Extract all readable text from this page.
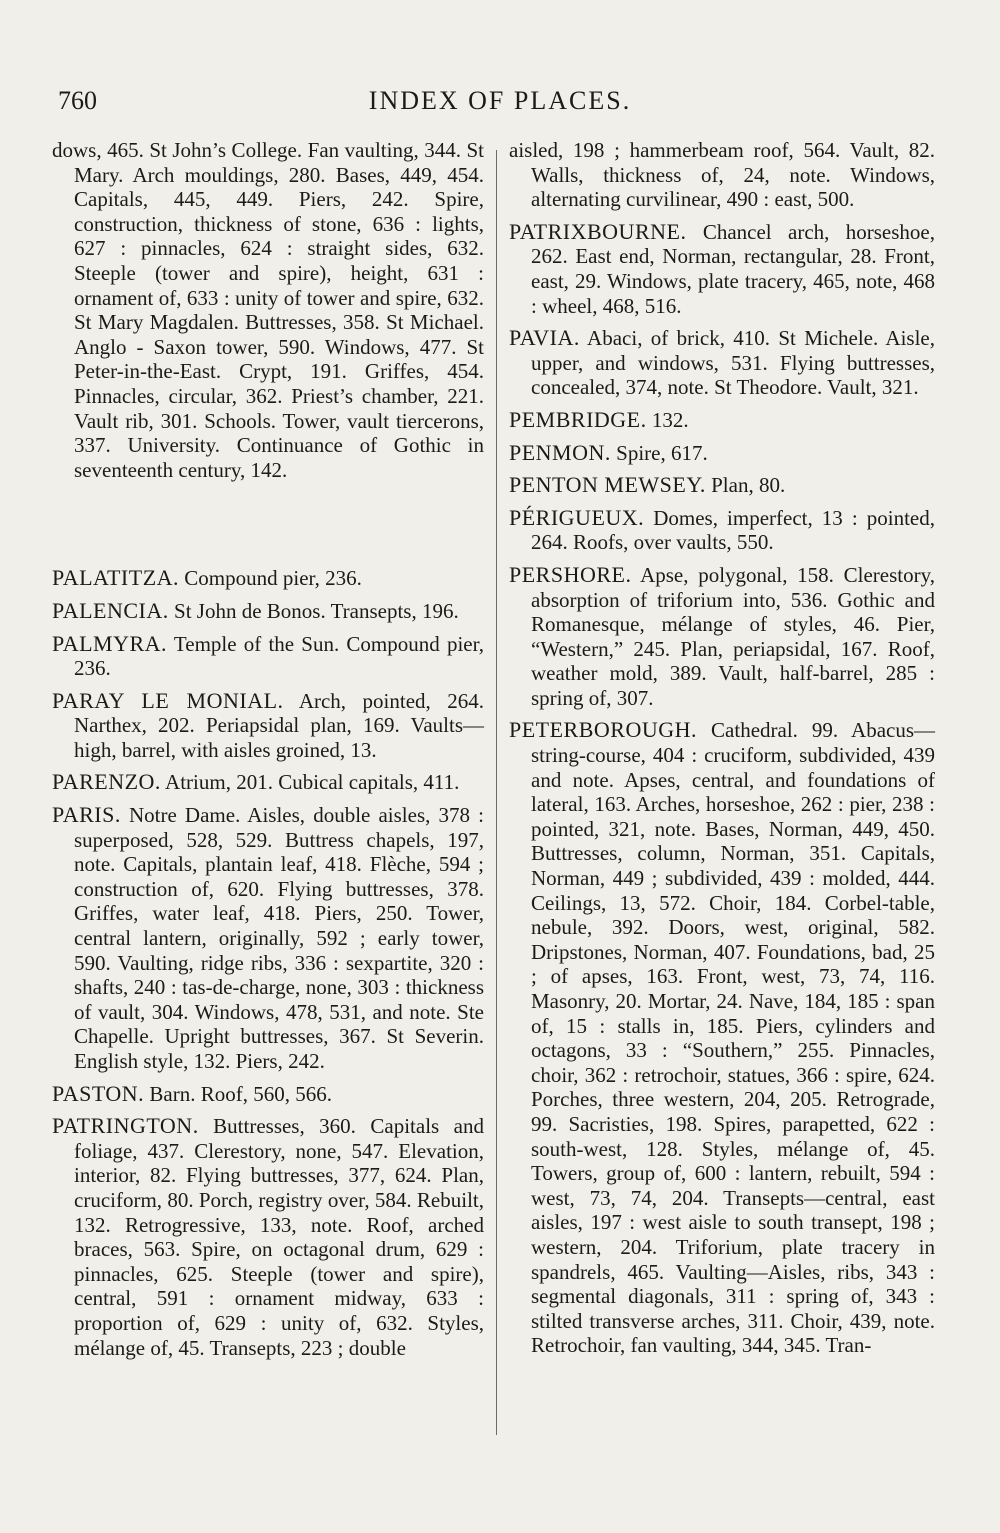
760	INDEX OF PLACES.

dows, 465. St John’s College. Fan vaulting, 344. St Mary. Arch mouldings, 280. Bases, 449, 454. Capitals, 445, 449. Piers, 242. Spire, construction, thickness of stone, 636 : lights, 627 : pinnacles, 624 : straight sides, 632. Steeple (tower and spire), height, 631 : ornament of, 633 : unity of tower and spire, 632. St Mary Magdalen. Buttresses, 358. St Michael. Anglo - Saxon tower, 590. Windows, 477. St Peter-in-the-East. Crypt, 191. Griffes, 454. Pinnacles, circular, 362. Priest’s chamber, 221. Vault rib, 301. Schools. Tower, vault tiercerons, 337. University. Continuance of Gothic in seventeenth century, 142.

PALATITZA. Compound pier, 236.

PALENCIA. St John de Bonos. Transepts, 196.

PALMYRA. Temple of the Sun. Compound pier, 236.

PARAY LE MONIAL. Arch, pointed, 264. Narthex, 202. Periapsidal plan, 169. Vaults—high, barrel, with aisles groined, 13.

PARENZO. Atrium, 201. Cubical capitals, 411.

PARIS. Notre Dame. Aisles, double aisles, 378 : superposed, 528, 529. Buttress chapels, 197, note. Capitals, plantain leaf, 418. Flèche, 594 ; construction of, 620. Flying buttresses, 378. Griffes, water leaf, 418. Piers, 250. Tower, central lantern, originally, 592 ; early tower, 590. Vaulting, ridge ribs, 336 : sexpartite, 320 : shafts, 240 : tas-de-charge, none, 303 : thickness of vault, 304. Windows, 478, 531, and note. Ste Chapelle. Upright buttresses, 367. St Severin. English style, 132. Piers, 242.

PASTON. Barn. Roof, 560, 566.

PATRINGTON. Buttresses, 360. Capitals and foliage, 437. Clerestory, none, 547. Elevation, interior, 82. Flying buttresses, 377, 624. Plan, cruciform, 80. Porch, registry over, 584. Rebuilt, 132. Retrogressive, 133, note. Roof, arched braces, 563. Spire, on octagonal drum, 629 : pinnacles, 625. Steeple (tower and spire), central, 591 : ornament midway, 633 : proportion of, 629 : unity of, 632. Styles, mélange of, 45. Transepts, 223 ; double

aisled, 198 ; hammerbeam roof, 564. Vault, 82. Walls, thickness of, 24, note. Windows, alternating curvilinear, 490 : east, 500.

PATRIXBOURNE. Chancel arch, horseshoe, 262. East end, Norman, rectangular, 28. Front, east, 29. Windows, plate tracery, 465, note, 468 : wheel, 468, 516.

PAVIA. Abaci, of brick, 410. St Michele. Aisle, upper, and windows, 531. Flying buttresses, concealed, 374, note. St Theodore. Vault, 321.

PEMBRIDGE. 132.

PENMON. Spire, 617.

PENTON MEWSEY. Plan, 80.

PÉRIGUEUX. Domes, imperfect, 13 : pointed, 264. Roofs, over vaults, 550.

PERSHORE. Apse, polygonal, 158. Clerestory, absorption of triforium into, 536. Gothic and Romanesque, mélange of styles, 46. Pier, “Western,” 245. Plan, periapsidal, 167. Roof, weather mold, 389. Vault, half-barrel, 285 : spring of, 307.

PETERBOROUGH. Cathedral. 99. Abacus—string-course, 404 : cruciform, subdivided, 439 and note. Apses, central, and foundations of lateral, 163. Arches, horseshoe, 262 : pier, 238 : pointed, 321, note. Bases, Norman, 449, 450. Buttresses, column, Norman, 351. Capitals, Norman, 449 ; subdivided, 439 : molded, 444. Ceilings, 13, 572. Choir, 184. Corbel-table, nebule, 392. Doors, west, original, 582. Dripstones, Norman, 407. Foundations, bad, 25 ; of apses, 163. Front, west, 73, 74, 116. Masonry, 20. Mortar, 24. Nave, 184, 185 : span of, 15 : stalls in, 185. Piers, cylinders and octagons, 33 : “Southern,” 255. Pinnacles, choir, 362 : retrochoir, statues, 366 : spire, 624. Porches, three western, 204, 205. Retrograde, 99. Sacristies, 198. Spires, parapetted, 622 : south-west, 128. Styles, mélange of, 45. Towers, group of, 600 : lantern, rebuilt, 594 : west, 73, 74, 204. Transepts—central, east aisles, 197 : west aisle to south transept, 198 ; western, 204. Triforium, plate tracery in spandrels, 465. Vaulting—Aisles, ribs, 343 : segmental diagonals, 311 : spring of, 343 : stilted transverse arches, 311. Choir, 439, note. Retrochoir, fan vaulting, 344, 345. Tran-
